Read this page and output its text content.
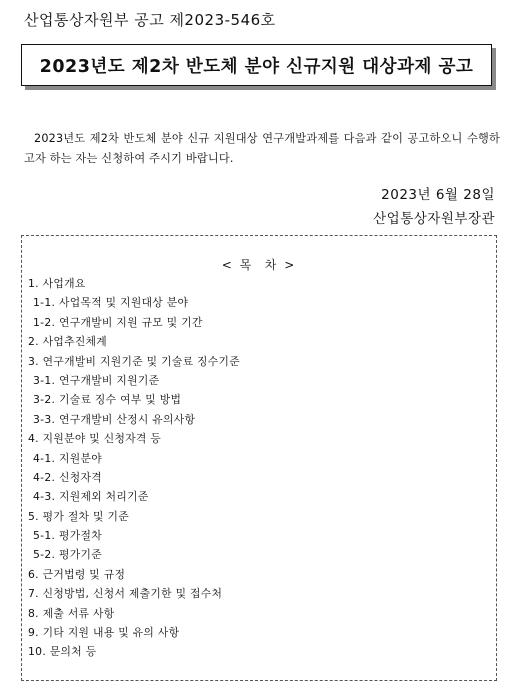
산업통상자원부 공고 제2023-546호
2023년도 제2차 반도체 분야 신규지원 대상과제 공고

2023년도 제2차 반도체 분야 신규 지원대상 연구개발과제를 다음과 같이 공고하오니 수행하고자 하는 자는 신청하여 주시기 바랍니다.

2023년 6월 28일
산업통상자원부장관
< 목  차 >
1. 사업개요
1-1. 사업목적 및 지원대상 분야
1-2. 연구개발비 지원 규모 및 기간
2. 사업추진체계
3. 연구개발비 지원기준 및 기술료 징수기준
3-1. 연구개발비 지원기준
3-2. 기술료 징수 여부 및 방법
3-3. 연구개발비 산정시 유의사항
4. 지원분야 및 신청자격 등
4-1. 지원분야
4-2. 신청자격
4-3. 지원제외 처리기준
5. 평가 절차 및 기준
5-1. 평가절차
5-2. 평가기준
6. 근거법령 및 규정
7. 신청방법, 신청서 제출기한 및 접수처
8. 제출 서류 사항
9. 기타 지원 내용 및 유의 사항
10. 문의처 등
